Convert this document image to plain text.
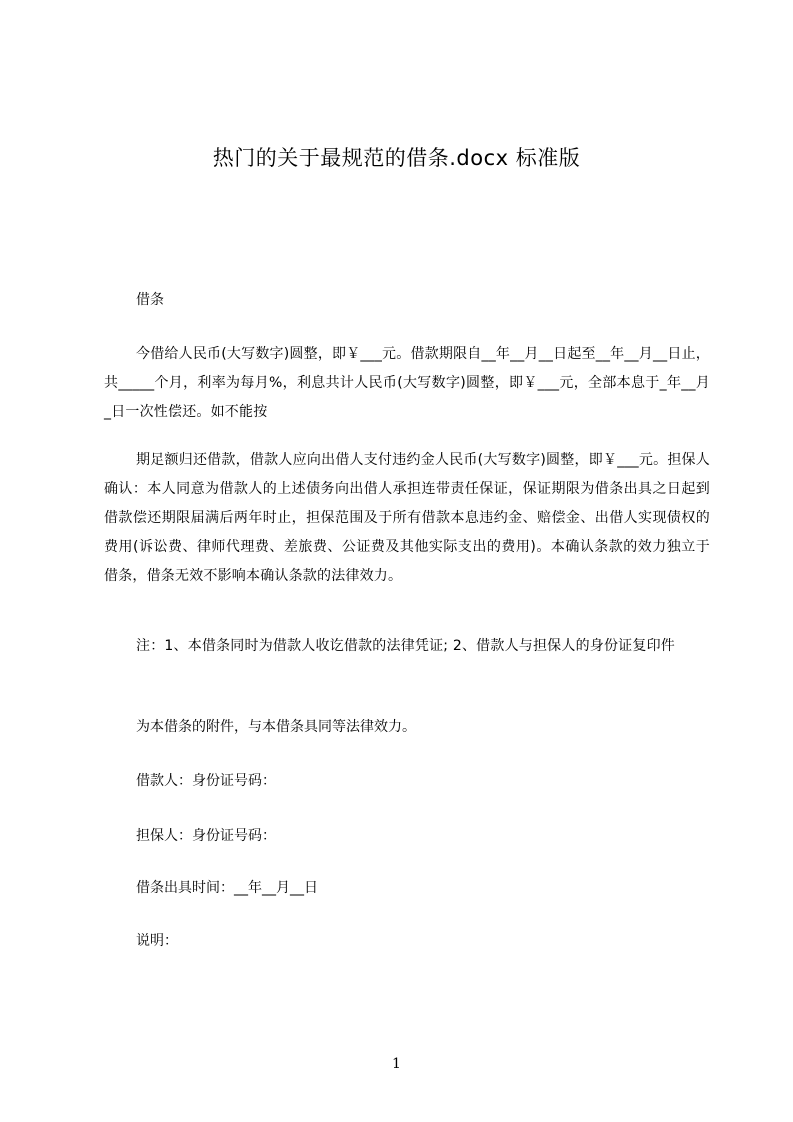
热门的关于最规范的借条.docx 标准版
借条

今借给人民币(大写数字)圆整，即￥___元。借款期限自__年__月__日起至__年__月__日止，共_____个月，利率为每月%，利息共计人民币(大写数字)圆整，即￥___元，全部本息于_年__月_日一次性偿还。如不能按

期足额归还借款，借款人应向出借人支付违约金人民币(大写数字)圆整，即￥___元。担保人确认：本人同意为借款人的上述债务向出借人承担连带责任保证，保证期限为借条出具之日起到借款偿还期限届满后两年时止，担保范围及于所有借款本息违约金、赔偿金、出借人实现债权的费用(诉讼费、律师代理费、差旅费、公证费及其他实际支出的费用)。本确认条款的效力独立于借条，借条无效不影响本确认条款的法律效力。

注：1、本借条同时为借款人收讫借款的法律凭证; 2、借款人与担保人的身份证复印件

为本借条的附件，与本借条具同等法律效力。
借款人：身份证号码：
担保人：身份证号码：
借条出具时间：__年__月__日
说明：
1
